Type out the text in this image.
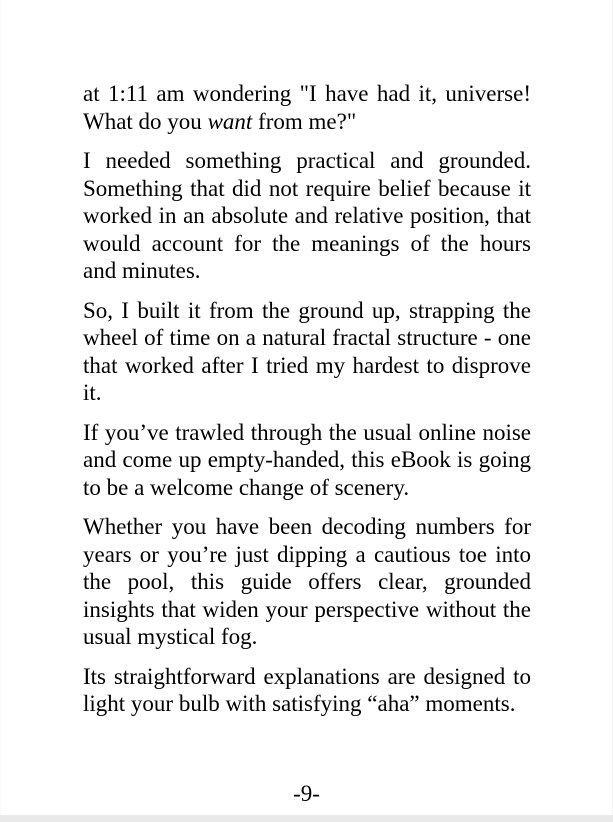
at 1:11 am wondering "I have had it, universe! What do you want from me?"

I needed something practical and grounded. Something that did not require belief because it worked in an absolute and relative position, that would account for the meanings of the hours and minutes.

So, I built it from the ground up, strapping the wheel of time on a natural fractal structure - one that worked after I tried my hardest to disprove it.

If you’ve trawled through the usual online noise and come up empty-handed, this eBook is going to be a welcome change of scenery.

Whether you have been decoding numbers for years or you’re just dipping a cautious toe into the pool, this guide offers clear, grounded insights that widen your perspective without the usual mystical fog.

Its straightforward explanations are designed to light your bulb with satisfying “aha” moments.

-9-
